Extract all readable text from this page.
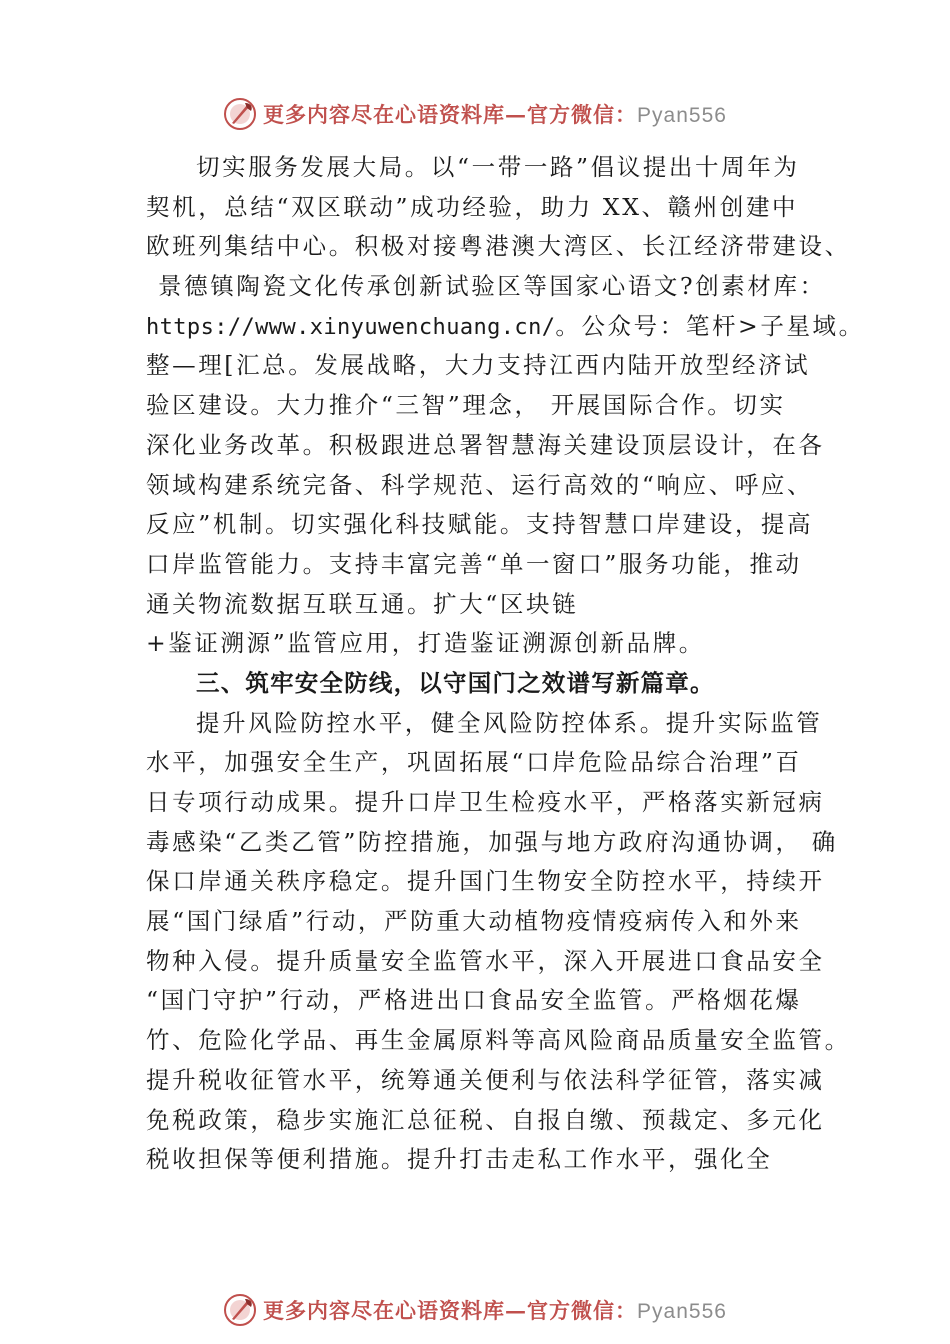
更多内容尽在心语资料库—官方微信：Pyan556
切实服务发展大局。以“一带一路”倡议提出十周年为
契机，总结“双区联动”成功经验，助力 XX、赣州创建中
欧班列集结中心。积极对接粤港澳大湾区、长江经济带建设、
景德镇陶瓷文化传承创新试验区等国家心语文?创素材库：
https://www.xinyuwenchuang.cn/。公众号：笔杆>子星域。
整—理[汇总。发展战略，大力支持江西内陆开放型经济试
验区建设。大力推介“三智”理念， 开展国际合作。切实
深化业务改革。积极跟进总署智慧海关建设顶层设计，在各
领域构建系统完备、科学规范、运行高效的“响应、呼应、
反应”机制。切实强化科技赋能。支持智慧口岸建设，提高
口岸监管能力。支持丰富完善“单一窗口”服务功能，推动
通关物流数据互联互通。扩大“区块链
+鉴证溯源”监管应用，打造鉴证溯源创新品牌。
三、筑牢安全防线，以守国门之效谱写新篇章。
提升风险防控水平，健全风险防控体系。提升实际监管
水平，加强安全生产，巩固拓展“口岸危险品综合治理”百
日专项行动成果。提升口岸卫生检疫水平，严格落实新冠病
毒感染“乙类乙管”防控措施，加强与地方政府沟通协调， 确
保口岸通关秩序稳定。提升国门生物安全防控水平，持续开
展“国门绿盾”行动，严防重大动植物疫情疫病传入和外来
物种入侵。提升质量安全监管水平，深入开展进口食品安全
“国门守护”行动，严格进出口食品安全监管。严格烟花爆
竹、危险化学品、再生金属原料等高风险商品质量安全监管。
提升税收征管水平，统筹通关便利与依法科学征管，落实减
免税政策，稳步实施汇总征税、自报自缴、预裁定、多元化
税收担保等便利措施。提升打击走私工作水平，强化全
更多内容尽在心语资料库—官方微信：Pyan556
